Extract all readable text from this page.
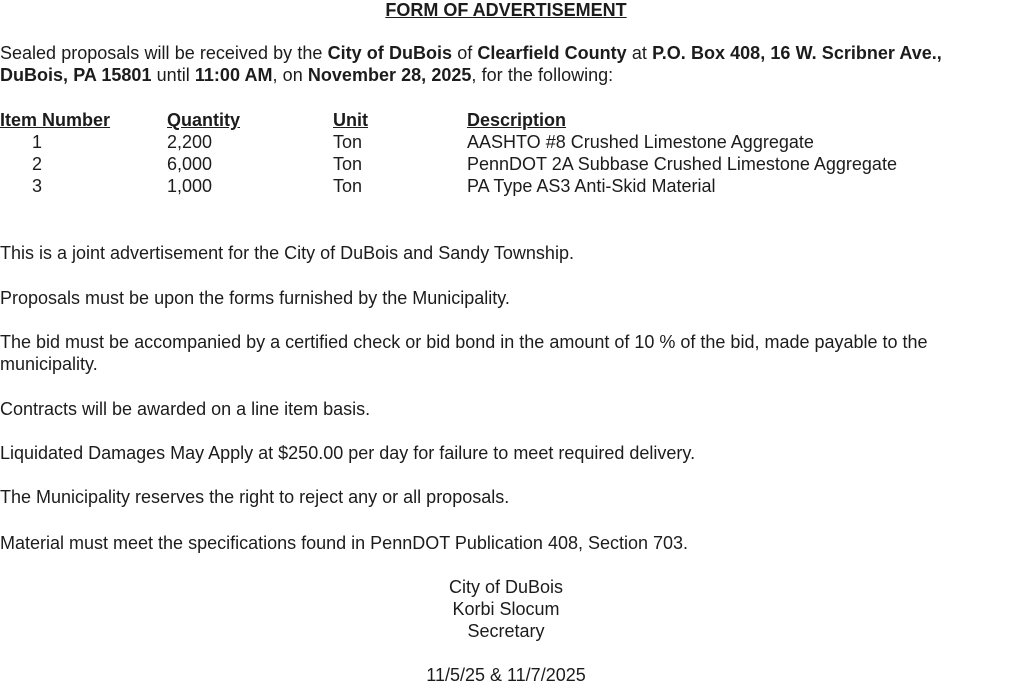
FORM OF ADVERTISEMENT

Sealed proposals will be received by the City of DuBois of Clearfield County at P.O. Box 408, 16 W. Scribner Ave., DuBois, PA 15801 until 11:00 AM, on November 28, 2025, for the following:

Item Number	Quantity	Unit	Description
1	2,200	Ton	AASHTO #8 Crushed Limestone Aggregate
2	6,000	Ton	PennDOT 2A Subbase Crushed Limestone Aggregate
3	1,000	Ton	PA Type AS3 Anti-Skid Material

This is a joint advertisement for the City of DuBois and Sandy Township.

Proposals must be upon the forms furnished by the Municipality.

The bid must be accompanied by a certified check or bid bond in the amount of 10 % of the bid, made payable to the municipality.

Contracts will be awarded on a line item basis.

Liquidated Damages May Apply at $250.00 per day for failure to meet required delivery.

The Municipality reserves the right to reject any or all proposals.

Material must meet the specifications found in PennDOT Publication 408, Section 703.

City of DuBois
Korbi Slocum
Secretary
11/5/25 & 11/7/2025
